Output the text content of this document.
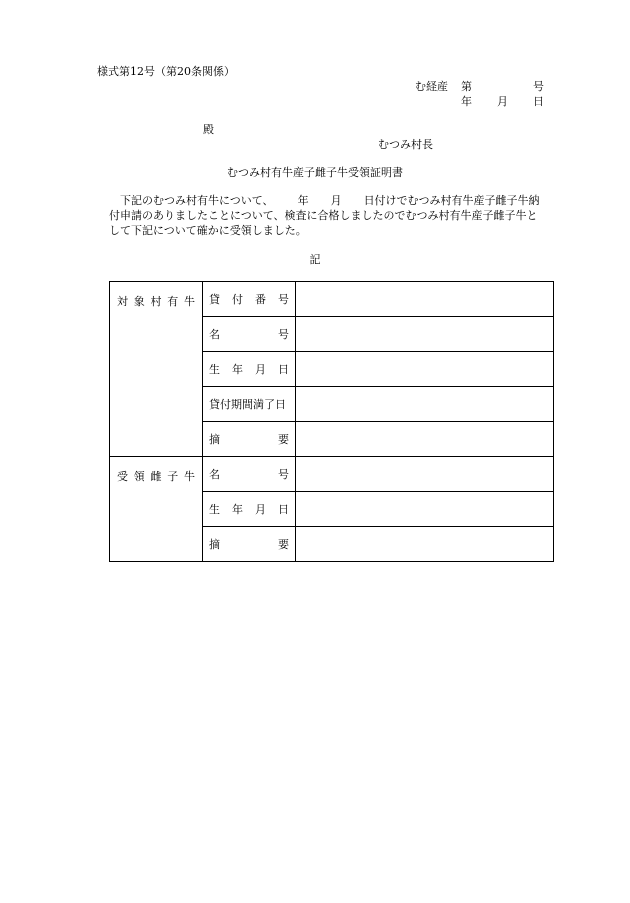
様式第12号（第20条関係）
む経産 第	号
年 月 日
殿
むつみ村長
むつみ村有牛産子雌子牛受領証明書
　下記のむつみ村有牛について、 年 月 日付けでむつみ村有牛産子雌子牛納
付申請のありましたことについて、検査に合格しましたのでむつみ村有牛産子雌子牛と
して下記について確かに受領しました。
記
対 象 村 有 牛	貸 付 番 号	

	名 号	

	生 年 月 日	

	貸付期間満了日	

	摘 要	

受 領 雌 子 牛	名 号	

	生 年 月 日	

	摘 要	
